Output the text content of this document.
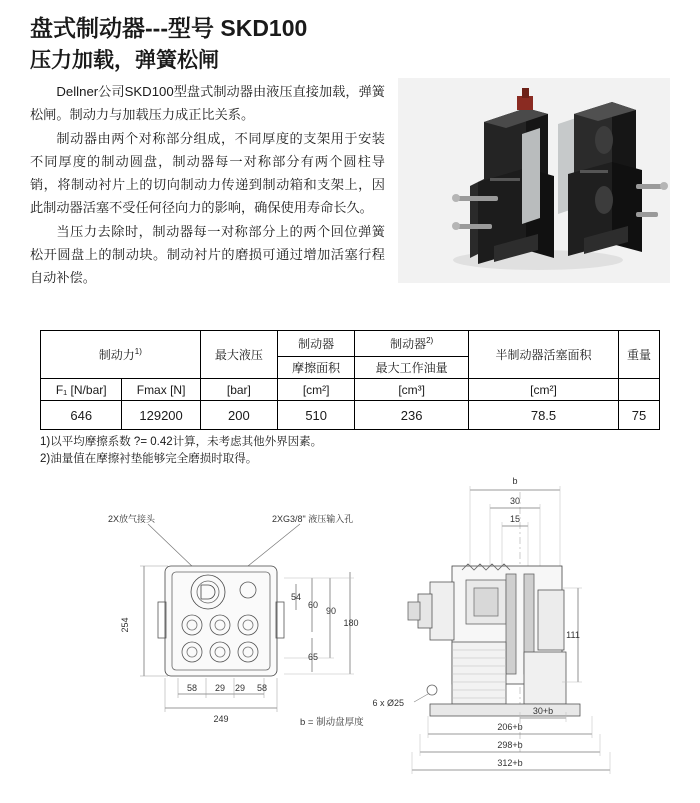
盘式制动器---型号 SKD100
压力加载，弹簧松闸

Dellner公司SKD100型盘式制动器由液压直接加载，弹簧松闸。制动力与加载压力成正比关系。

制动器由两个对称部分组成，不同厚度的支架用于安装不同厚度的制动圆盘，制动器每一对称部分有两个圆柱导销，将制动衬片上的切向制动力传递到制动箱和支架上，因此制动器活塞不受任何径向力的影响，确保使用寿命长久。

当压力去除时，制动器每一对称部分上的两个回位弹簧松开圆盘上的制动块。制动衬片的磨损可通过增加活塞行程自动补偿。

制动力$^{1)}$		最大液压	制动器	制动器$^{2)}$	半制动器活塞面积	重量
			摩擦面积	最大工作油量		
F₁ [N/bar]	Fmax [N]	[bar]	[cm²]	[cm³]	[cm²]	
646	129200	200	510	236	78.5	75
1)以平均摩擦系数 ?= 0.42计算，未考虑其他外界因素。
2)油量值在摩擦衬垫能够完全磨损时取得。
2X放气接头	2XG3/8" 液压输入孔
254
249
58 29 29 58
54
60
90
65
180
b
30
15
111
6 x Ø25
30+b
206+b
298+b
312+b
b = 制动盘厚度
